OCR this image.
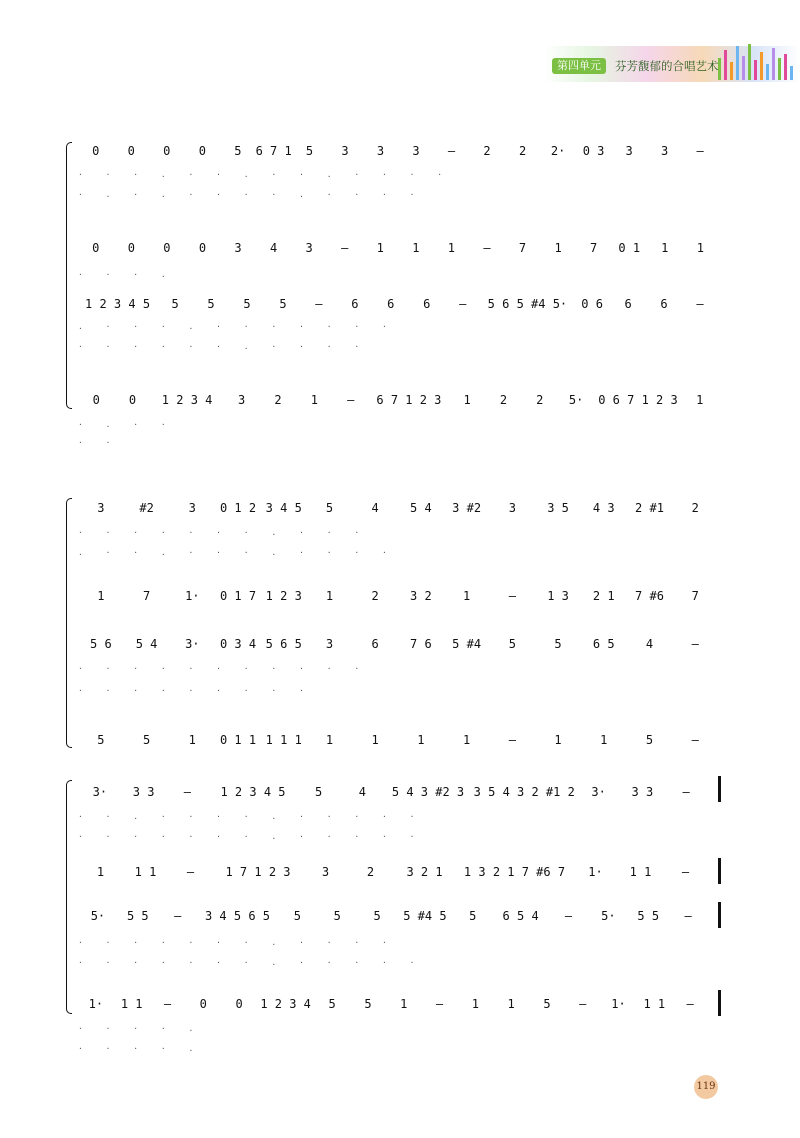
第四单元	芬芳馥郁的合唱艺术
0	0	0	0	5	6 7 1	5	3	3	3	–	2	2	2·	0 3	3	3	–
· · · . · · . · · . · · · ·
· . · . · · · · . · · · ·
0	0	0	0	3	4	3	–	1	1	1	–	7	1	7	0 1	1	1
· · · .
1 2 3 4 5	5	5	5	5	–	6	6	6	–	5 6 5 #4 5·	0 6	6	6	–
. · · · . · · · · · · ·
· · · · · · . · · · ·
0	0	1 2 3 4	3	2	1	–	6 7 1 2 3	1	2	2	5·	0 6 7 1 2 3	1
· . · ·
· ·
3	#2	3	0 1 2 3 4 5	5	4	5 4	3 #2	3	3 5	4 3	2 #1	2
· · · · · · · . · · ·
. · · . · · · . · · · ·
1	7	1·	0 1 7 1 2 3	1	2	3 2	1	–	1 3	2 1	7 #6	7
5 6	5 4	3·	0 3 4 5 6 5	3	6	7 6	5 #4	5	5	6 5	4	–
· · · · · · · · · · ·
· · · · · · · · ·
5	5	1	0 1 1 1 1 1	1	1	1	1	–	1	1	5	–
3·	3 3	–	1 2 3 4 5	5	4	5 4 3 #2 3 3 5 4 3 2 #1 2	3·	3 3	–
· · . · · · · . · · · · ·
· · · · · · · . · · · · ·
1	1 1	–	1 7 1 2 3	3	2	3 2 1	1 3 2 1 7 #6 7	1·	1 1	–
5·	5 5	–	3 4 5 6 5	5	5	5	5 #4 5	5	6 5 4	–	5·	5 5	–
· · · · · · · . · · · ·
· · · · · · · . · · · · ·
1·	1 1	–	0	0	1 2 3 4	5	5	1	–	1	1	5	–	1·	1 1	–
· · · · .
· · · · .
119
